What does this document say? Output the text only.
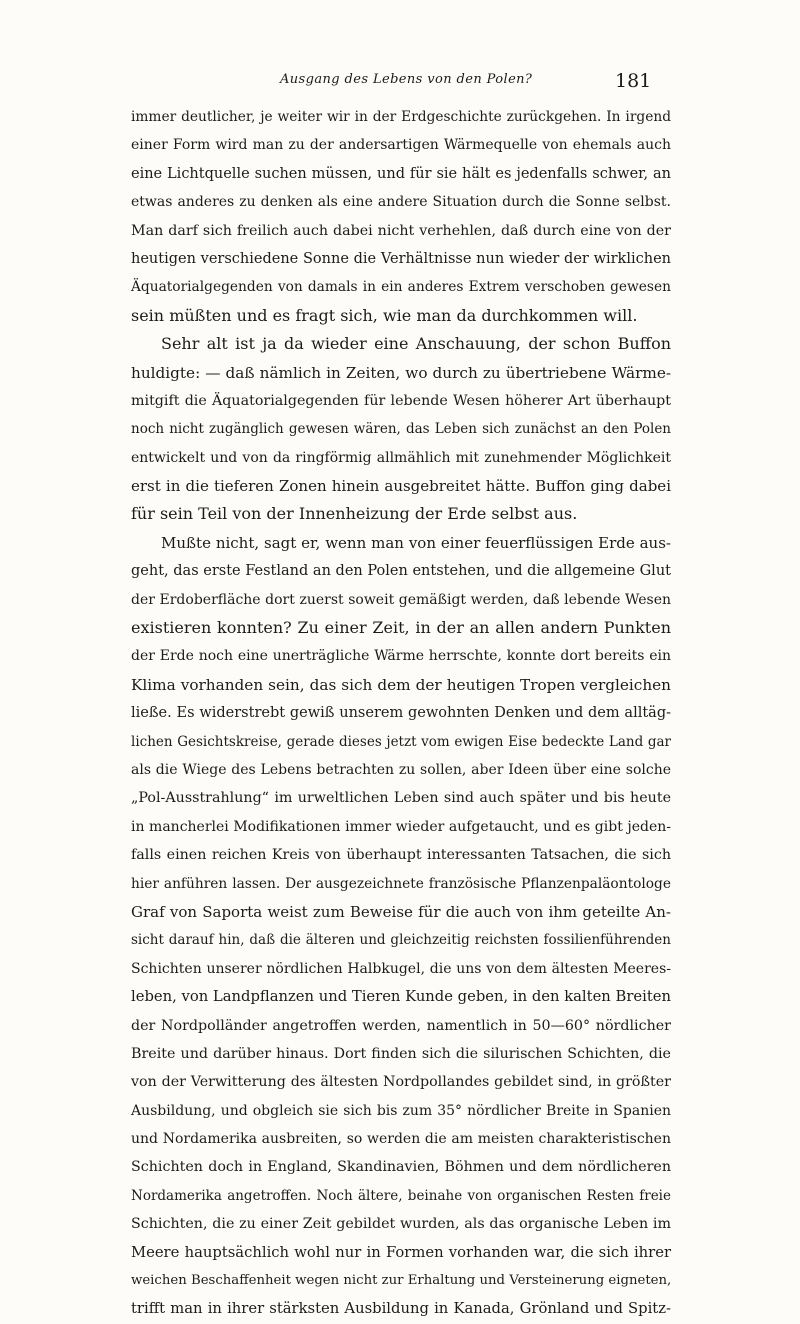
Ausgang des Lebens von den Polen?	181
immer deutlicher, je weiter wir in der Erdgeschichte zurückgehen. In irgend
einer Form wird man zu der andersartigen Wärmequelle von ehemals auch
eine Lichtquelle suchen müssen, und für sie hält es jedenfalls schwer, an
etwas anderes zu denken als eine andere Situation durch die Sonne selbst.
Man darf sich freilich auch dabei nicht verhehlen, daß durch eine von der
heutigen verschiedene Sonne die Verhältnisse nun wieder der wirklichen
Äquatorialgegenden von damals in ein anderes Extrem verschoben gewesen
sein müßten und es fragt sich, wie man da durchkommen will.
Sehr alt ist ja da wieder eine Anschauung, der schon Buffon
huldigte: — daß nämlich in Zeiten, wo durch zu übertriebene Wärme-
mitgift die Äquatorialgegenden für lebende Wesen höherer Art überhaupt
noch nicht zugänglich gewesen wären, das Leben sich zunächst an den Polen
entwickelt und von da ringförmig allmählich mit zunehmender Möglichkeit
erst in die tieferen Zonen hinein ausgebreitet hätte. Buffon ging dabei
für sein Teil von der Innenheizung der Erde selbst aus.
Mußte nicht, sagt er, wenn man von einer feuerflüssigen Erde aus-
geht, das erste Festland an den Polen entstehen, und die allgemeine Glut
der Erdoberfläche dort zuerst soweit gemäßigt werden, daß lebende Wesen
existieren konnten? Zu einer Zeit, in der an allen andern Punkten
der Erde noch eine unerträgliche Wärme herrschte, konnte dort bereits ein
Klima vorhanden sein, das sich dem der heutigen Tropen vergleichen
ließe. Es widerstrebt gewiß unserem gewohnten Denken und dem alltäg-
lichen Gesichtskreise, gerade dieses jetzt vom ewigen Eise bedeckte Land gar
als die Wiege des Lebens betrachten zu sollen, aber Ideen über eine solche
„Pol-Ausstrahlung“ im urweltlichen Leben sind auch später und bis heute
in mancherlei Modifikationen immer wieder aufgetaucht, und es gibt jeden-
falls einen reichen Kreis von überhaupt interessanten Tatsachen, die sich
hier anführen lassen. Der ausgezeichnete französische Pflanzenpaläontologe
Graf von Saporta weist zum Beweise für die auch von ihm geteilte An-
sicht darauf hin, daß die älteren und gleichzeitig reichsten fossilienführenden
Schichten unserer nördlichen Halbkugel, die uns von dem ältesten Meeres-
leben, von Landpflanzen und Tieren Kunde geben, in den kalten Breiten
der Nordpolländer angetroffen werden, namentlich in 50—60° nördlicher
Breite und darüber hinaus. Dort finden sich die silurischen Schichten, die
von der Verwitterung des ältesten Nordpollandes gebildet sind, in größter
Ausbildung, und obgleich sie sich bis zum 35° nördlicher Breite in Spanien
und Nordamerika ausbreiten, so werden die am meisten charakteristischen
Schichten doch in England, Skandinavien, Böhmen und dem nördlicheren
Nordamerika angetroffen. Noch ältere, beinahe von organischen Resten freie
Schichten, die zu einer Zeit gebildet wurden, als das organische Leben im
Meere hauptsächlich wohl nur in Formen vorhanden war, die sich ihrer
weichen Beschaffenheit wegen nicht zur Erhaltung und Versteinerung eigneten,
trifft man in ihrer stärksten Ausbildung in Kanada, Grönland und Spitz-
